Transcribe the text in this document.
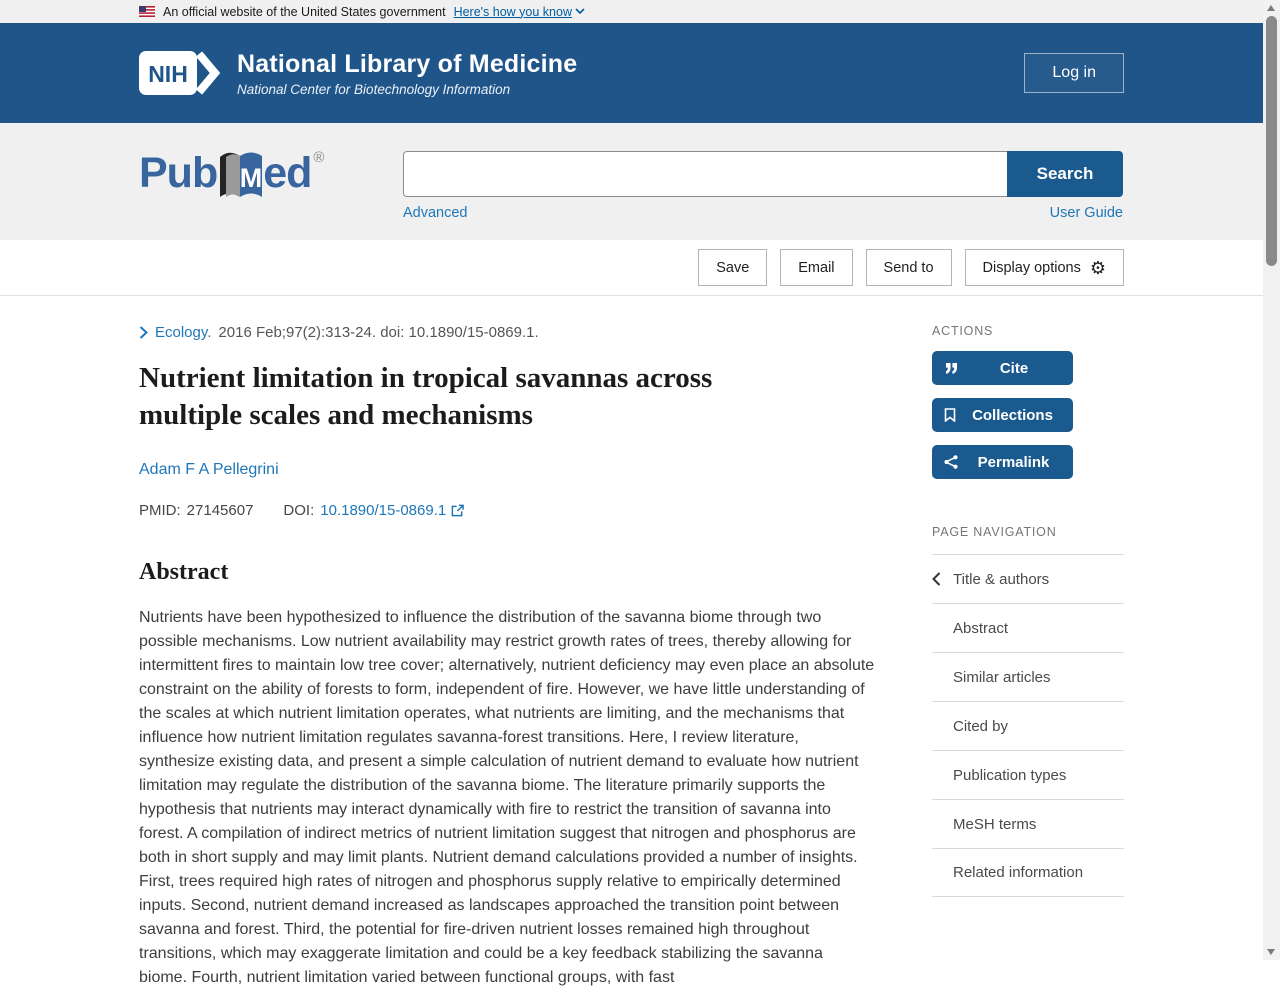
An official website of the United States government Here's how you know
NIH National Library of Medicine
National Center for Biotechnology Information
Log in
Pub M ed ®
Search
Advanced	User Guide
Save	Email	Send to	Display options ⚙
Ecology. 2016 Feb;97(2):313-24. doi: 10.1890/15-0869.1.
Nutrient limitation in tropical savannas across multiple scales and mechanisms
Adam F A Pellegrini
PMID: 27145607 DOI: 10.1890/15-0869.1
Abstract

Nutrients have been hypothesized to influence the distribution of the savanna biome through two possible mechanisms. Low nutrient availability may restrict growth rates of trees, thereby allowing for intermittent fires to maintain low tree cover; alternatively, nutrient deficiency may even place an absolute constraint on the ability of forests to form, independent of fire. However, we have little understanding of the scales at which nutrient limitation operates, what nutrients are limiting, and the mechanisms that influence how nutrient limitation regulates savanna-forest transitions. Here, I review literature, synthesize existing data, and present a simple calculation of nutrient demand to evaluate how nutrient limitation may regulate the distribution of the savanna biome. The literature primarily supports the hypothesis that nutrients may interact dynamically with fire to restrict the transition of savanna into forest. A compilation of indirect metrics of nutrient limitation suggest that nitrogen and phosphorus are both in short supply and may limit plants. Nutrient demand calculations provided a number of insights. First, trees required high rates of nitrogen and phosphorus supply relative to empirically determined inputs. Second, nutrient demand increased as landscapes approached the transition point between savanna and forest. Third, the potential for fire-driven nutrient losses remained high throughout transitions, which may exaggerate limitation and could be a key feedback stabilizing the savanna biome. Fourth, nutrient limitation varied between functional groups, with fast

ACTIONS
Cite
Collections
Permalink
PAGE NAVIGATION
Title & authors
Abstract
Similar articles
Cited by
Publication types
MeSH terms
Related information
